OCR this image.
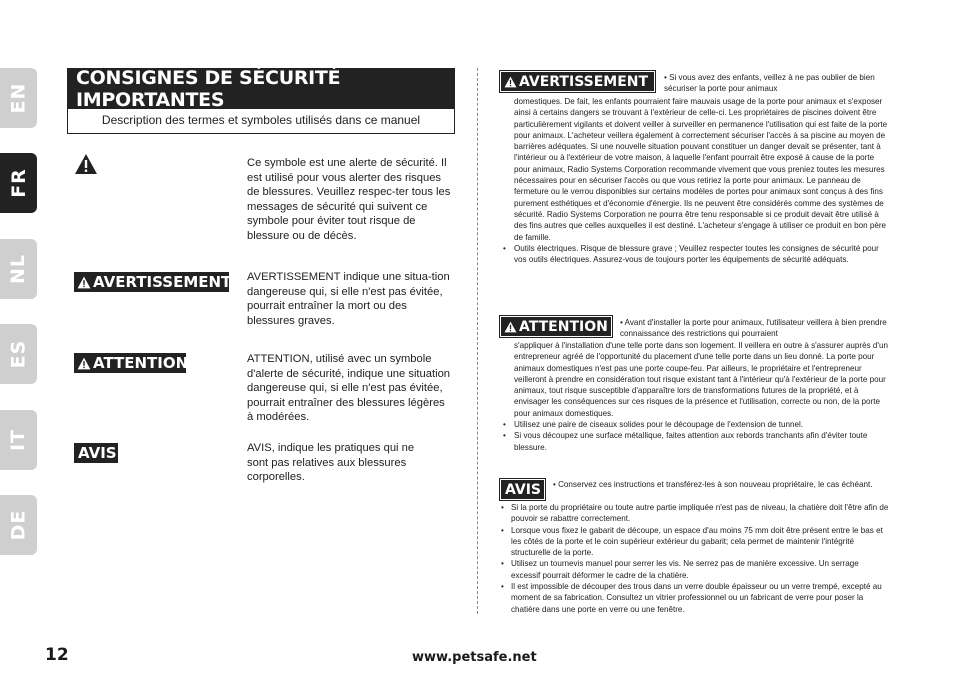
EN
FR
NL
ES
IT
DE
CONSIGNES DE SÉCURITÉ IMPORTANTES
Description des termes et symboles utilisés dans ce manuel
Ce symbole est une alerte de sécurité. Il est utilisé pour vous alerter des risques de blessures. Veuillez respec-ter tous les messages de sécurité qui suivent ce symbole pour éviter tout risque de blessure ou de décès.
AVERTISSEMENT AVERTISSEMENT indique une situa-tion dangereuse qui, si elle n'est pas évitée, pourrait entraîner la mort ou des blessures graves.
ATTENTION	ATTENTION, utilisé avec un symbole d'alerte de sécurité, indique une situation dangereuse qui, si elle n'est pas évitée, pourrait entraîner des blessures légères à modérées.
AVIS	AVIS, indique les pratiques qui ne sont pas relatives aux blessures corporelles.
AVERTISSEMENT • Si vous avez des enfants, veillez à ne pas oublier de bien sécuriser la porte pour animaux

domestiques. De fait, les enfants pourraient faire mauvais usage de la porte pour animaux et s'exposer ainsi à certains dangers se trouvant à l'extérieur de celle-ci. Les propriétaires de piscines doivent être particulièrement vigilants et doivent veiller à surveiller en permanence l'utilisation qui est faite de la porte pour animaux. L'acheteur veillera également à correctement sécuriser l'accès à sa piscine au moyen de barrières adéquates. Si une nouvelle situation pouvant constituer un danger devait se présenter, tant à l'intérieur ou à l'extérieur de votre maison, à laquelle l'enfant pourrait être exposé à cause de la porte pour animaux, Radio Systems Corporation recommande vivement que vous preniez toutes les mesures nécessaires pour en sécuriser l'accès ou que vous retiriez la porte pour animaux. Le panneau de fermeture ou le verrou disponibles sur certains modèles de portes pour animaux sont conçus à des fins purement esthétiques et d'économie d'énergie. Ils ne peuvent être considérés comme des systèmes de sécurité. Radio Systems Corporation ne pourra être tenu responsable si ce produit devait être utilisé à des fins autres que celles auxquelles il est destiné. L'acheteur s'engage à utiliser ce produit en bon père de famille.

• Outils électriques. Risque de blessure grave ; Veuillez respecter toutes les consignes de sécurité pour vos outils électriques. Assurez-vous de toujours porter les équipements de sécurité adéquats.

ATTENTION • Avant d'installer la porte pour animaux, l'utilisateur veillera à bien prendre connaissance des restrictions qui pourraient

s'appliquer à l'installation d'une telle porte dans son logement. Il veillera en outre à s'assurer auprès d'un entrepreneur agréé de l'opportunité du placement d'une telle porte dans un lieu donné. La porte pour animaux domestiques n'est pas une porte coupe-feu. Par ailleurs, le propriétaire et l'entrepreneur veilleront à prendre en considération tout risque existant tant à l'intérieur qu'à l'extérieur de la porte pour animaux, tout risque susceptible d'apparaître lors de transformations futures de la propriété, et à envisager les conséquences sur ces risques de la présence et l'utilisation, correcte ou non, de la porte pour animaux domestiques.

• Utilisez une paire de ciseaux solides pour le découpage de l'extension de tunnel.

• Si vous découpez une surface métallique, faites attention aux rebords tranchants afin d'éviter toute blessure.

AVIS • Conservez ces instructions et transférez-les à son nouveau propriétaire, le cas échéant.

• Si la porte du propriétaire ou toute autre partie impliquée n'est pas de niveau, la chatière doit l'être afin de pouvoir se rabattre correctement.

• Lorsque vous fixez le gabarit de découpe, un espace d'au moins 75 mm doit être présent entre le bas et les côtés de la porte et le coin supérieur extérieur du gabarit; cela permet de maintenir l'intégrité structurelle de la porte.

• Utilisez un tournevis manuel pour serrer les vis. Ne serrez pas de manière excessive. Un serrage excessif pourrait déformer le cadre de la chatière.

• Il est impossible de découper des trous dans un verre double épaisseur ou un verre trempé, excepté au moment de sa fabrication. Consultez un vitrier professionnel ou un fabricant de verre pour poser la chatière dans une porte en verre ou une fenêtre.

12	www.petsafe.net
